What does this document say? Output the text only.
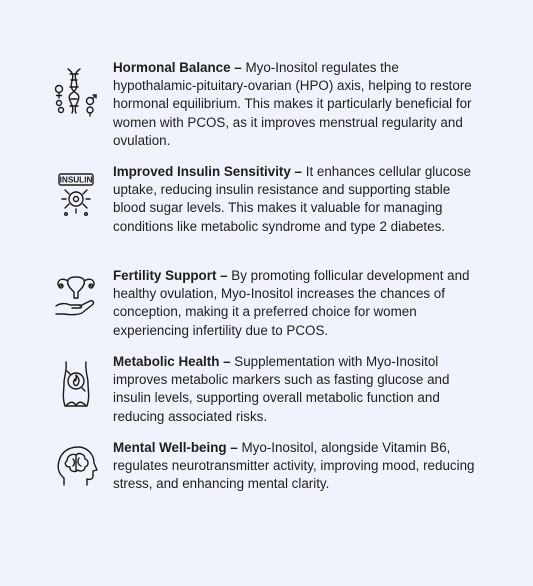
Hormonal Balance – Myo-Inositol regulates the hypothalamic-pituitary-ovarian (HPO) axis, helping to restore hormonal equilibrium. This makes it particularly beneficial for women with PCOS, as it improves menstrual regularity and ovulation.
INSULIN
Improved Insulin Sensitivity – It enhances cellular glucose uptake, reducing insulin resistance and supporting stable blood sugar levels. This makes it valuable for managing conditions like metabolic syndrome and type 2 diabetes.
Fertility Support – By promoting follicular development and healthy ovulation, Myo-Inositol increases the chances of conception, making it a preferred choice for women experiencing infertility due to PCOS.
Metabolic Health – Supplementation with Myo-Inositol improves metabolic markers such as fasting glucose and insulin levels, supporting overall metabolic function and reducing associated risks.
Mental Well-being – Myo-Inositol, alongside Vitamin B6, regulates neurotransmitter activity, improving mood, reducing stress, and enhancing mental clarity.
